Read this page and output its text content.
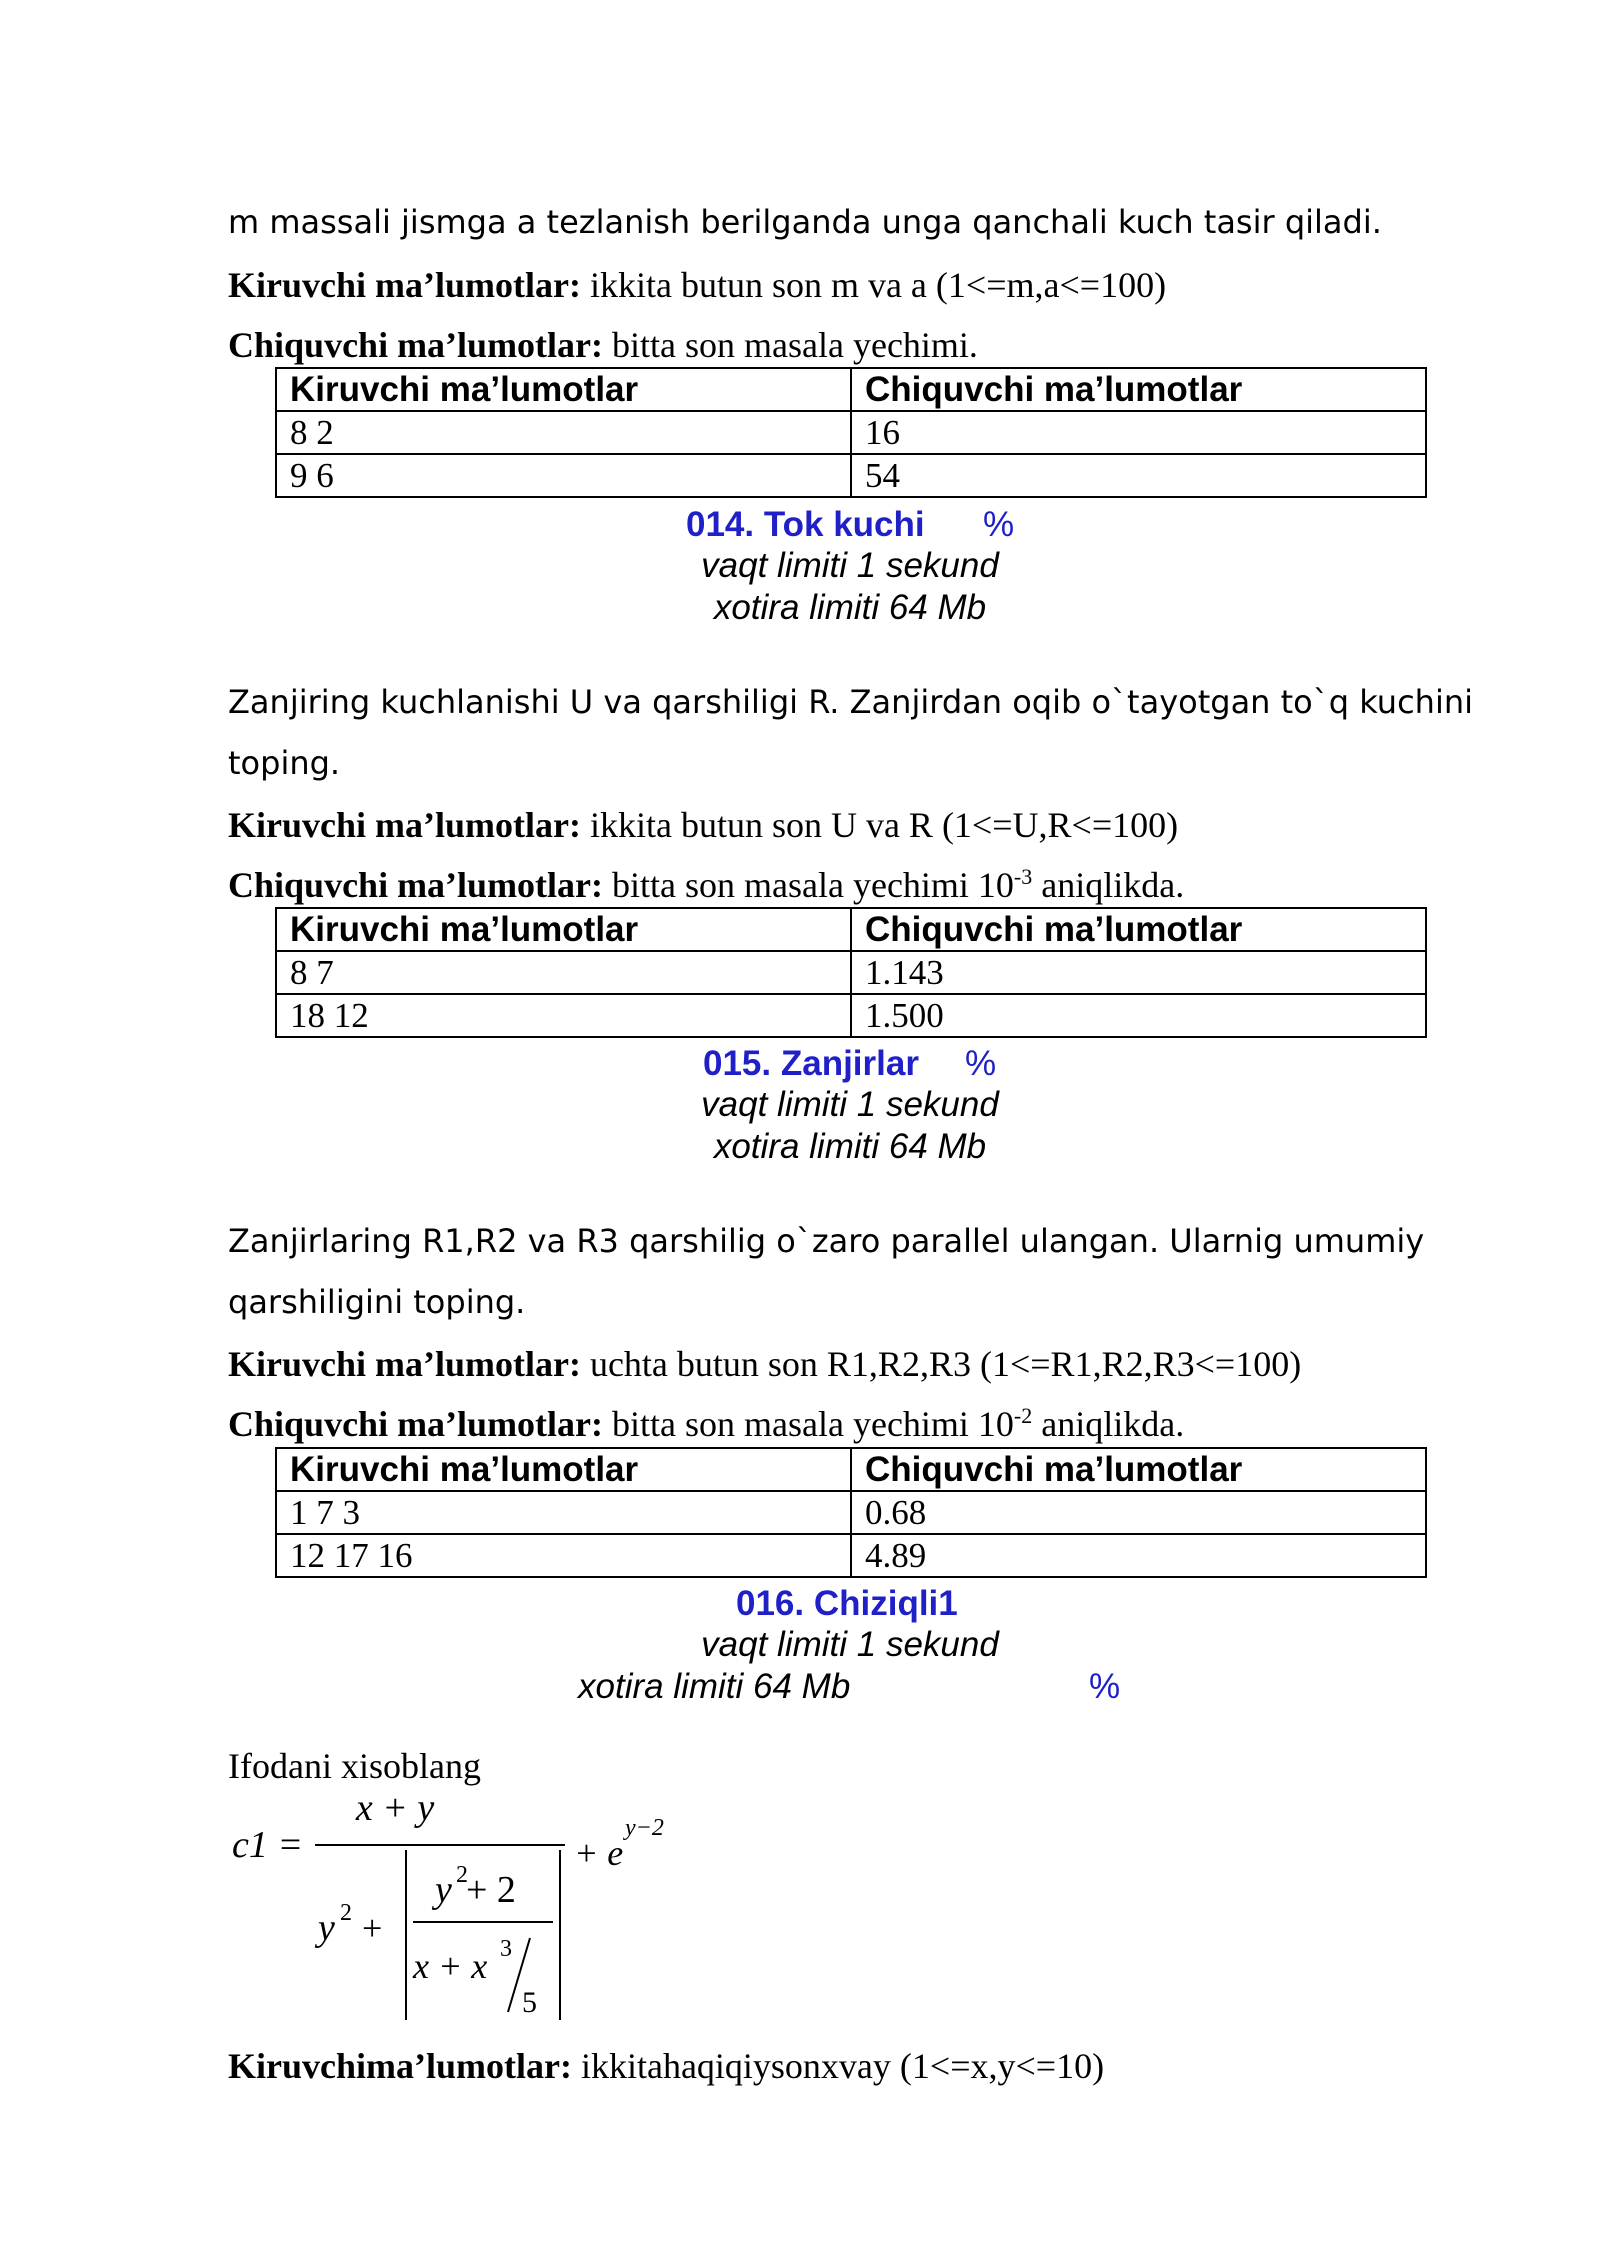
m massali jismga a tezlanish berilganda unga qanchali kuch tasir qiladi.
Kiruvchi ma’lumotlar: ikkita butun son m va a (1<=m,a<=100)
Chiquvchi ma’lumotlar: bitta son masala yechimi.
Kiruvchi ma’lumotlar	Chiquvchi ma’lumotlar
8 2	16
9 6	54
014. Tok kuchi %
vaqt limiti 1 sekund
xotira limiti 64 Mb
Zanjiring kuchlanishi U va qarshiligi R. Zanjirdan oqib o`tayotgan to`q kuchini
toping.
Kiruvchi ma’lumotlar: ikkita butun son U va R (1<=U,R<=100)
Chiquvchi ma’lumotlar: bitta son masala yechimi $10^{-3}$ aniqlikda.
Kiruvchi ma’lumotlar	Chiquvchi ma’lumotlar
8 7	1.143
18 12	1.500
015. Zanjirlar %
vaqt limiti 1 sekund
xotira limiti 64 Mb
Zanjirlaring R1,R2 va R3 qarshilig o`zaro parallel ulangan. Ularnig umumiy
qarshiligini toping.
Kiruvchi ma’lumotlar: uchta butun son R1,R2,R3 (1<=R1,R2,R3<=100)
Chiquvchi ma’lumotlar: bitta son masala yechimi $10^{-2}$ aniqlikda.
Kiruvchi ma’lumotlar	Chiquvchi ma’lumotlar
1 7 3	0.68
12 17 16	4.89
016. Chiziqli1
vaqt limiti 1 sekund
xotira limiti 64 Mb	%
Ifodani xisoblang
c1 =
x + y
y 2 +
y 2
+ 2
x + x 3
5
+ e
y−2
Kiruvchima’lumotlar: ikkitahaqiqiysonxvay (1<=x,y<=10)
